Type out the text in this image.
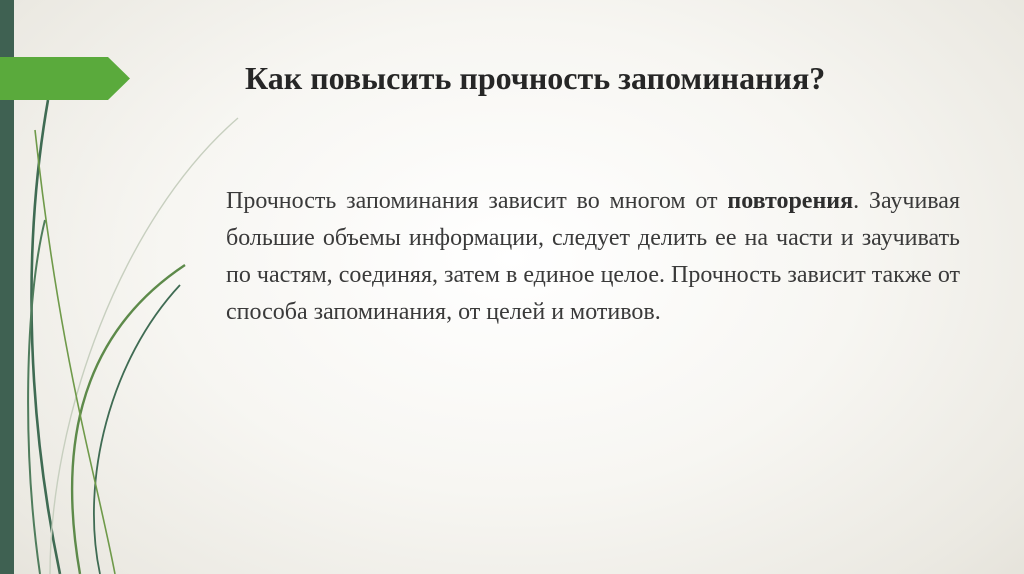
Как повысить прочность запоминания?

Прочность запоминания зависит во многом от повторения. Заучивая большие объемы информации, следует делить ее на части и заучивать по частям, соединяя, затем в единое целое. Прочность зависит также от способа запоминания, от целей и мотивов.
